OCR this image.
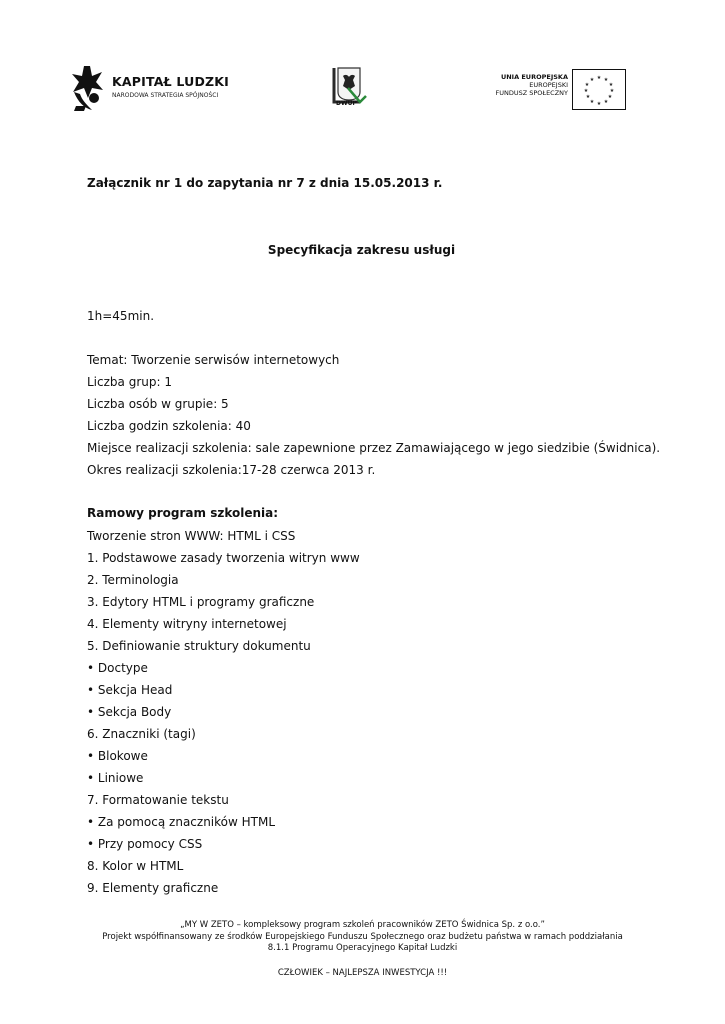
KAPITAŁ LUDZKI
NARODOWA STRATEGIA SPÓJNOŚCI
DWUP
UNIA EUROPEJSKA
EUROPEJSKI
FUNDUSZ SPOŁECZNY
★ ★
★
★
★
★
★
★
★
★
★
★
Załącznik nr 1 do zapytania nr 7 z dnia 15.05.2013 r.
Specyfikacja zakresu usługi
1h=45min.
Temat: Tworzenie serwisów internetowych
Liczba grup: 1
Liczba osób w grupie: 5
Liczba godzin szkolenia: 40
Miejsce realizacji szkolenia: sale zapewnione przez Zamawiającego w jego siedzibie (Świdnica).
Okres realizacji szkolenia:17-28 czerwca 2013 r.
Ramowy program szkolenia:
Tworzenie stron WWW: HTML i CSS
1. Podstawowe zasady tworzenia witryn www
2. Terminologia
3. Edytory HTML i programy graficzne
4. Elementy witryny internetowej
5. Definiowanie struktury dokumentu
• Doctype
• Sekcja Head
• Sekcja Body
6. Znaczniki (tagi)
• Blokowe
• Liniowe
7. Formatowanie tekstu
• Za pomocą znaczników HTML
• Przy pomocy CSS
8. Kolor w HTML
9. Elementy graficzne
„MY W ZETO – kompleksowy program szkoleń pracowników ZETO Świdnica Sp. z o.o.”
Projekt współfinansowany ze środków Europejskiego Funduszu Społecznego oraz budżetu państwa w ramach poddziałania
8.1.1 Programu Operacyjnego Kapitał Ludzki
CZŁOWIEK – NAJLEPSZA INWESTYCJA !!!
